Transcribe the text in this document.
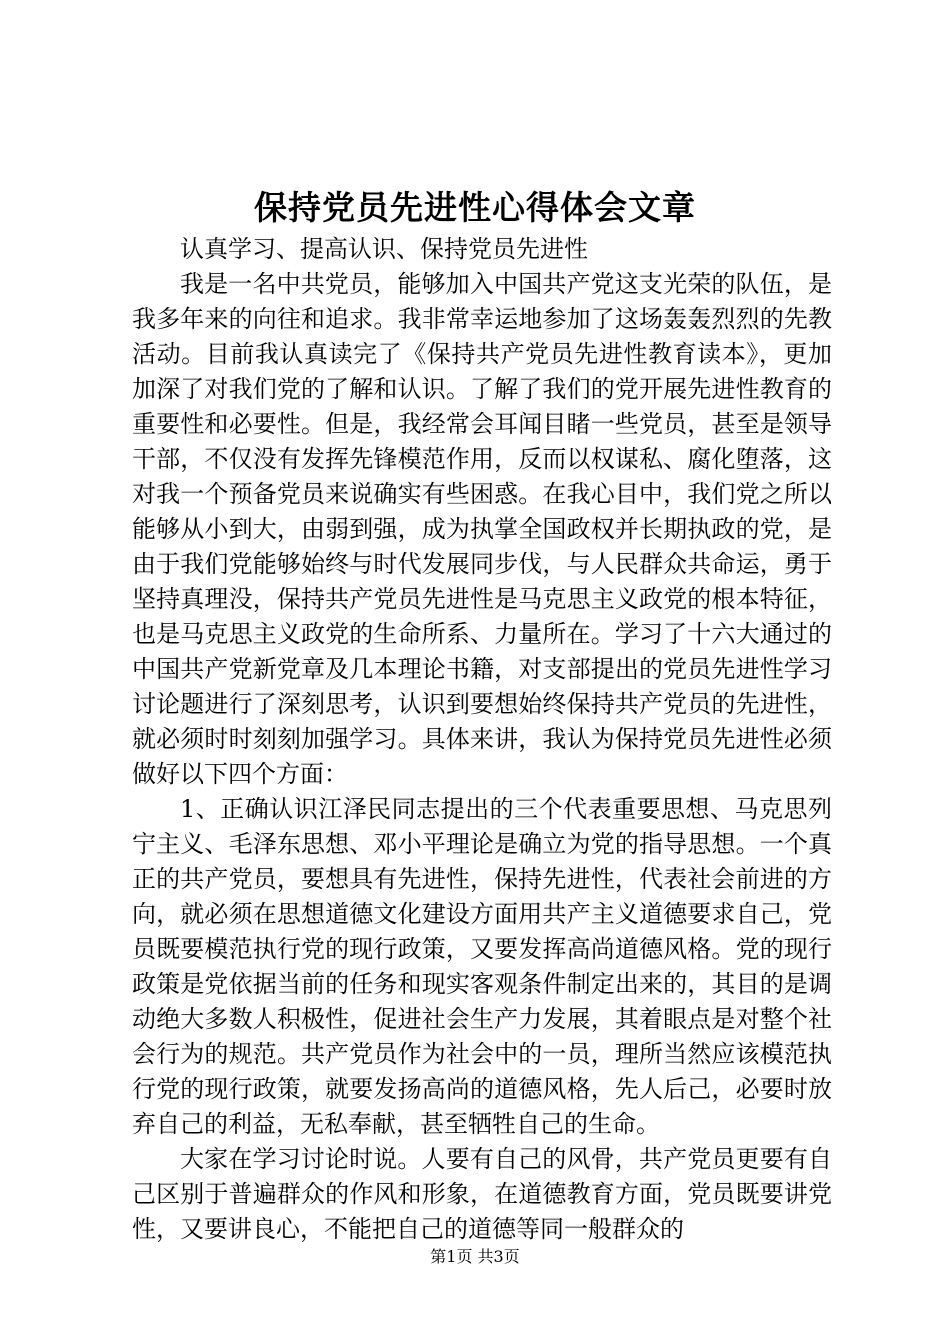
保持党员先进性心得体会文章

认真学习、提高认识、保持党员先进性

我是一名中共党员，能够加入中国共产党这支光荣的队伍，是我多年来的向往和追求。我非常幸运地参加了这场轰轰烈烈的先教活动。目前我认真读完了《保持共产党员先进性教育读本》，更加加深了对我们党的了解和认识。了解了我们的党开展先进性教育的重要性和必要性。但是，我经常会耳闻目睹一些党员，甚至是领导干部，不仅没有发挥先锋模范作用，反而以权谋私、腐化堕落，这对我一个预备党员来说确实有些困惑。在我心目中，我们党之所以能够从小到大，由弱到强，成为执掌全国政权并长期执政的党，是由于我们党能够始终与时代发展同步伐，与人民群众共命运，勇于坚持真理没，保持共产党员先进性是马克思主义政党的根本特征，也是马克思主义政党的生命所系、力量所在。学习了十六大通过的中国共产党新党章及几本理论书籍，对支部提出的党员先进性学习讨论题进行了深刻思考，认识到要想始终保持共产党员的先进性，就必须时时刻刻加强学习。具体来讲，我认为保持党员先进性必须做好以下四个方面：

1、正确认识江泽民同志提出的三个代表重要思想、马克思列宁主义、毛泽东思想、邓小平理论是确立为党的指导思想。一个真正的共产党员，要想具有先进性，保持先进性，代表社会前进的方向，就必须在思想道德文化建设方面用共产主义道德要求自己，党员既要模范执行党的现行政策，又要发挥高尚道德风格。党的现行政策是党依据当前的任务和现实客观条件制定出来的，其目的是调动绝大多数人积极性，促进社会生产力发展，其着眼点是对整个社会行为的规范。共产党员作为社会中的一员，理所当然应该模范执行党的现行政策，就要发扬高尚的道德风格，先人后己，必要时放弃自己的利益，无私奉献，甚至牺牲自己的生命。

大家在学习讨论时说。人要有自己的风骨，共产党员更要有自己区别于普遍群众的作风和形象，在道德教育方面，党员既要讲党性，又要讲良心，不能把自己的道德等同一般群众的

第1页 共3页
